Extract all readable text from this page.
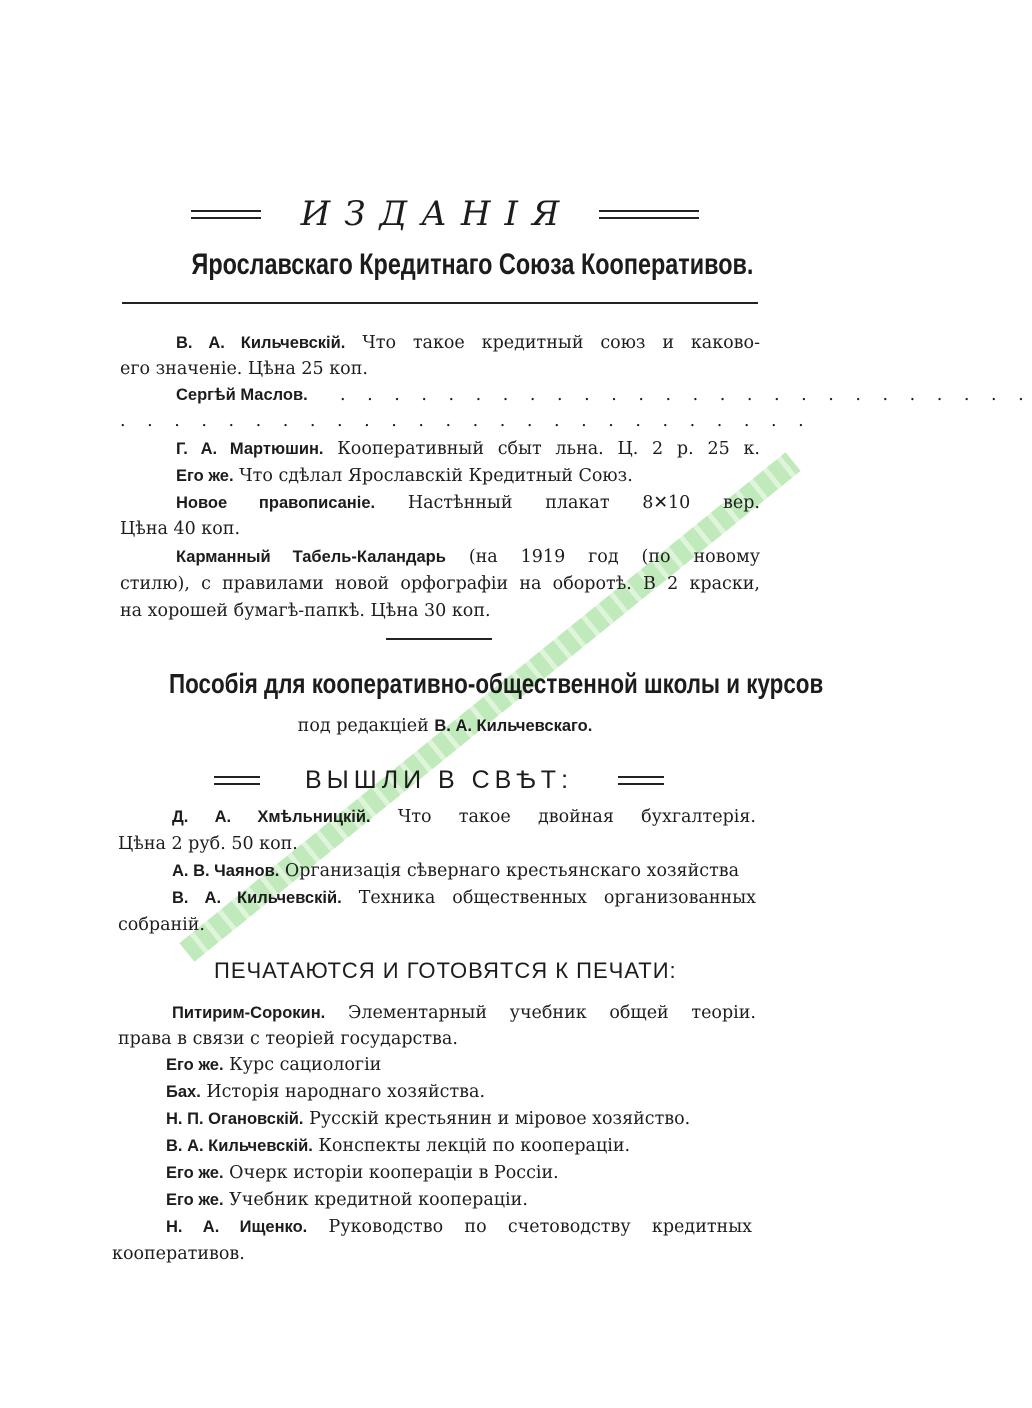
ИЗДАНІЯ
Ярославскаго Кредитнаго Союза Кооперативов.
В. А. Кильчевскій. Что такое кредитный союз и каково-
его значеніе. Цѣна 25 коп.
Сергѣй Маслов. . . . . . . . . . . . . . . . . . . . . . . . . . .
. . . . . . . . . . . . . . . . . . . . . . . . . .
Г. А. Мартюшин. Кооперативный сбыт льна. Ц. 2 р. 25 к.
Его же. Что сдѣлал Ярославскій Кредитный Союз.
Новое правописаніе. Настѣнный плакат 8✕10 вер.
Цѣна 40 коп.
Карманный Табель-Каландарь (на 1919 год (по новому
стилю), с правилами новой орфографіи на оборотѣ. В 2 краски,
на хорошей бумагѣ-папкѣ. Цѣна 30 коп.
Пособія для кооперативно-общественной школы и курсов
под редакціей В. А. Кильчевскаго.
ВЫШЛИ В СВѢТ:
Д. А. Хмѣльницкій. Что такое двойная бухгалтерія.
Цѣна 2 руб. 50 коп.
А. В. Чаянов. Организація сѣвернаго крестьянскаго хозяйства
В. А. Кильчевскій. Техника общественных организованных
собраній.
ПЕЧАТАЮТСЯ И ГОТОВЯТСЯ К ПЕЧАТИ:
Питирим-Сорокин. Элементарный учебник общей теоріи.
права в связи с теоріей государства.
Его же. Курс сациологіи
Бах. Исторія народнаго хозяйства.
Н. П. Огановскій. Русскій крестьянин и міровое хозяйство.
В. А. Кильчевскій. Конспекты лекцій по коопераціи.
Его же. Очерк исторіи коопераціи в Россіи.
Его же. Учебник кредитной коопераціи.
Н. А. Ищенко. Руководство по счетоводству кредитных
кооперативов.
